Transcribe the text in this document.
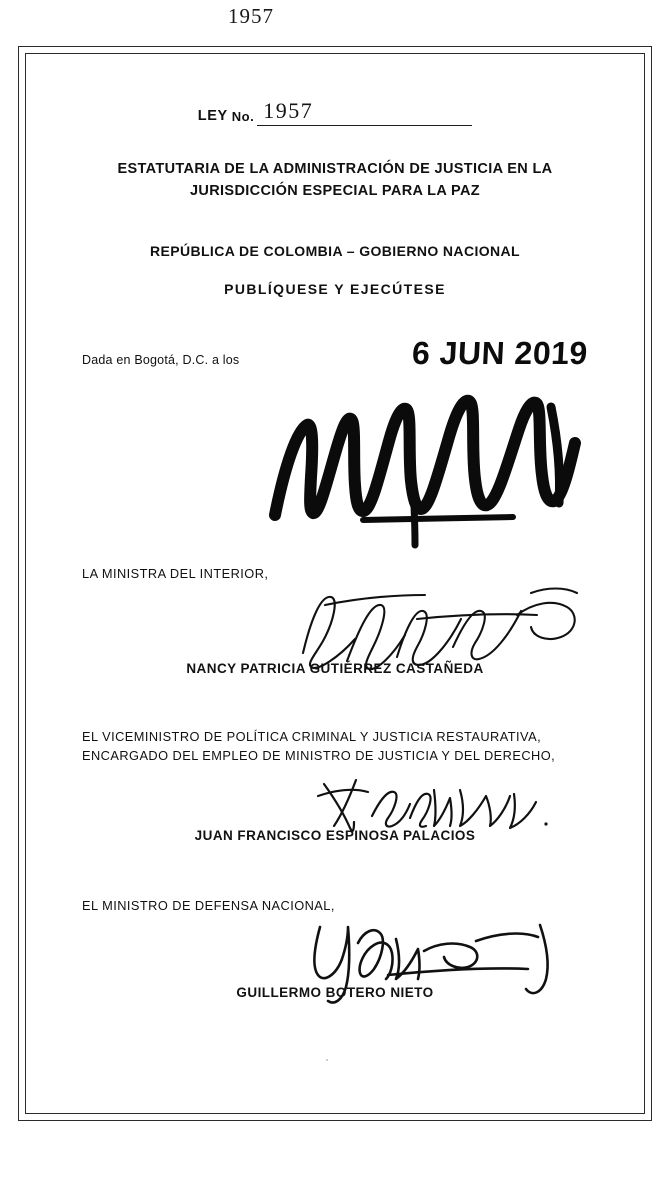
1957
LEY No. 1957
ESTATUTARIA DE LA ADMINISTRACIÓN DE JUSTICIA EN LA
JURISDICCIÓN ESPECIAL PARA LA PAZ
REPÚBLICA DE COLOMBIA – GOBIERNO NACIONAL
PUBLÍQUESE Y EJECÚTESE
Dada en Bogotá, D.C. a los	6 JUN 2019
LA MINISTRA DEL INTERIOR,
NANCY PATRICIA GUTIÉRREZ CASTAÑEDA
EL VICEMINISTRO DE POLÍTICA CRIMINAL Y JUSTICIA RESTAURATIVA,
ENCARGADO DEL EMPLEO DE MINISTRO DE JUSTICIA Y DEL DERECHO,
JUAN FRANCISCO ESPINOSA PALACIOS
EL MINISTRO DE DEFENSA NACIONAL,
GUILLERMO BOTERO NIETO
